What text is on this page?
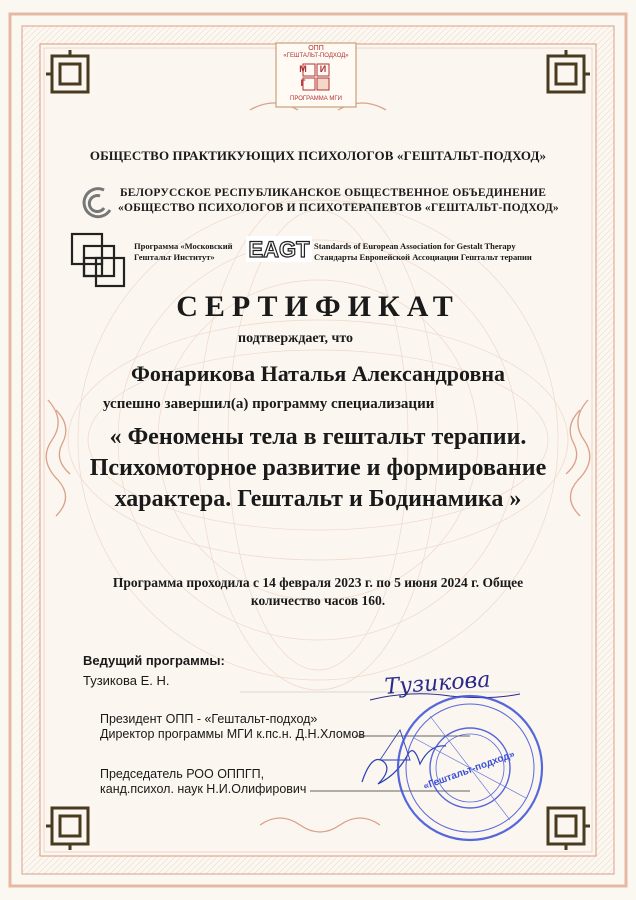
ОПП
«ГЕШТАЛЬТ-ПОДХОД»
М
Г
И
ПРОГРАММА МГИ
ОБЩЕСТВО ПРАКТИКУЮЩИХ ПСИХОЛОГОВ «ГЕШТАЛЬТ-ПОДХОД»
БЕЛОРУССКОЕ РЕСПУБЛИКАНСКОЕ ОБЩЕСТВЕННОЕ ОБЪЕДИНЕНИЕ
«ОБЩЕСТВО ПСИХОЛОГОВ И ПСИХОТЕРАПЕВТОВ «ГЕШТАЛЬТ-ПОДХОД»
Программа «Московский
Гештальт Институт» EAGT Standards of European Association for Gestalt Therapy
Стандарты Европейской Ассоциации Гештальт терапии
СЕРТИФИКАТ
подтверждает, что
Фонарикова Наталья Александровна
успешно завершил(а) программу специализации
« Феномены тела в гештальт терапии. Психомоторное развитие и формирование характера. Гештальт и Бодинамика »
Программа проходила с 14 февраля 2023 г. по 5 июня 2024 г. Общее количество часов 160.
Ведущий программы:
Тузикова Е. Н.
Президент ОПП - «Гештальт-подход»
Директор программы МГИ к.пс.н. Д.Н.Хломов
Председатель РОО ОППГП,
канд.психол. наук Н.И.Олифирович
Тузикова
«Гештальт-подход»
